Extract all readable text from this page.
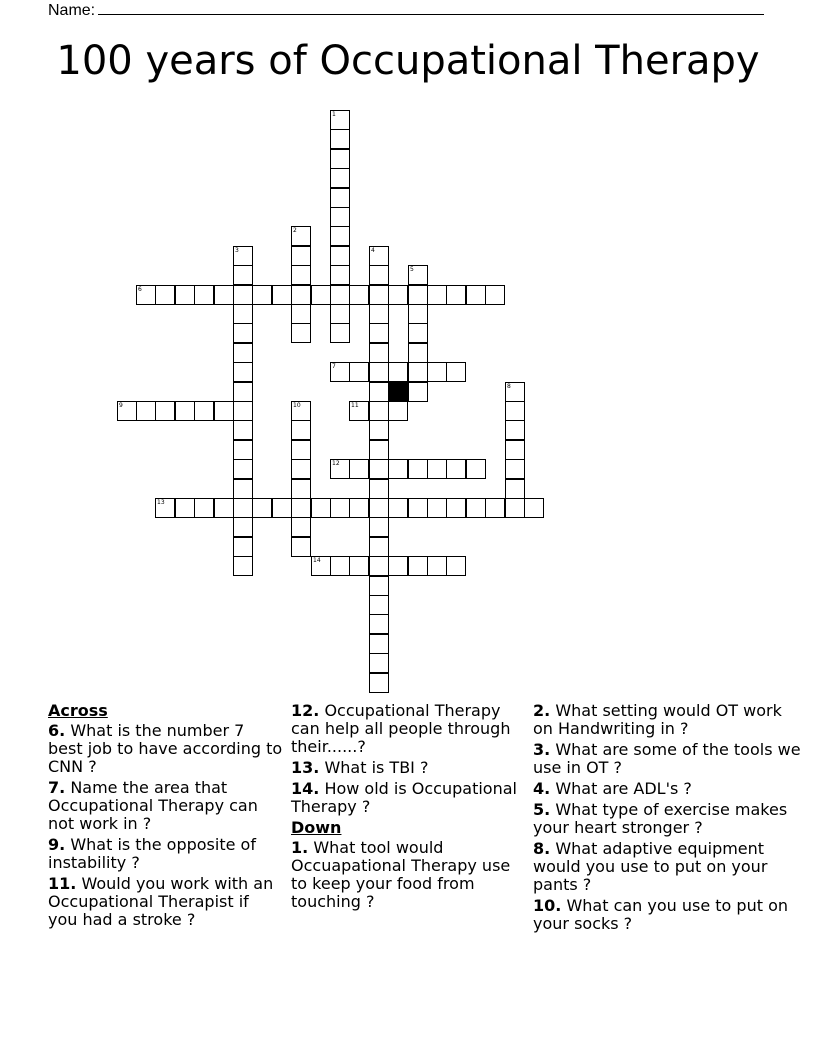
Name:
100 years of Occupational Therapy
1
2
3	4
5
6
7
8
9	10	11
12
13
14
Across
6. What is the number 7 best job to have according to CNN ?
7. Name the area that Occupational Therapy can not work in ?
9. What is the opposite of instability ?
11. Would you work with an Occupational Therapist if you had a stroke ?
12. Occupational Therapy can help all people through their......?
13. What is TBI ?
14. How old is Occupational Therapy ?
Down
1. What tool would Occuapational Therapy use to keep your food from touching ?
2. What setting would OT work on Handwriting in ?
3. What are some of the tools we use in OT ?
4. What are ADL's ?
5. What type of exercise makes your heart stronger ?
8. What adaptive equipment would you use to put on your pants ?
10. What can you use to put on your socks ?
